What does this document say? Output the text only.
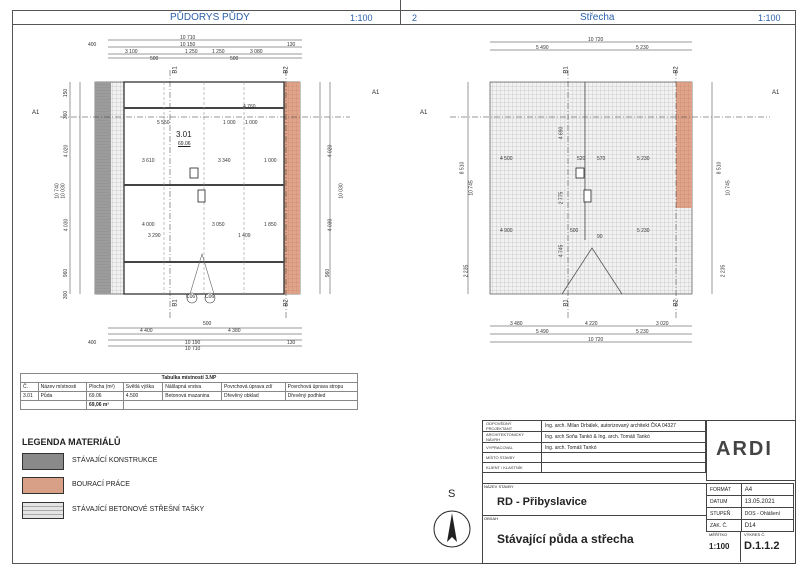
PŮDORYS PŮDY	1:100	2	Střecha	1:100
10 710
10 150
3 100	1 250	1 250	3 080
500	500
400	130
3.01
69.06
5 550	1 000 1 000
1 000
3 610	3 340
4 000	3 050
3 290	1 409
1 850
4 760
4 020
4 030
10 740 10 030
360
960
150
300
4 020
4 030
10 030
960
4 400	4 380
500
10 190
10 710
400	130
C06 C06
B1	B2
A1
A1
B1	B2
10 720
5 490	5 230
4 500	520 570	5 230
4 900	500	5 230
4 690
2 775
4 745
90
8 510
10 745
2 235
8 510
10 745
2 235
3 480	4 220	3 020
5 490	5 230
10 720
B1	B2
A1
A1
B1	B2
Tabulka místností 3.NP						
Č.	Název místnosti	Plocha (m²)	Světlá výška	Nášlapná vrstva	Povrchová úprava zdí	Povrchová úprava stropu
3.01	Půda	69.06	4.500	Betonová mazanina	Dřevěný obklad	Dřevěný podhled
		69,06 m²				
LEGENDA MATERIÁLŮ
STÁVAJÍCÍ KONSTRUKCE
BOURACÍ PRÁCE
STÁVAJÍCÍ BETONOVÉ STŘEŠNÍ TAŠKY
ODPOVĚDNÝ PROJEKTANT	Ing. arch. Milan Drbálek, autorizovaný architekt ČKA 04327
ARCHITEKTONICKÝ NÁVRH	Ing. arch Soňa Tankó & Ing. arch. Tomáš Tankó
VYPRACOVAL	Ing. arch. Tomáš Tankó
MÍSTO STAVBY	
KLIENT / KLASTNÍK	
ARDI
NÁZEV STAVBY
RD - Přibyslavice
OBSAH
Stávající půda a střecha
FORMÁT	A4
DATUM	13.05.2021
STUPEŇ	DOS - Ohlášení
ZAK. Č.	D14
MĚŘÍTKO
1:100
VÝKRES Č.
D.1.1.2
S
